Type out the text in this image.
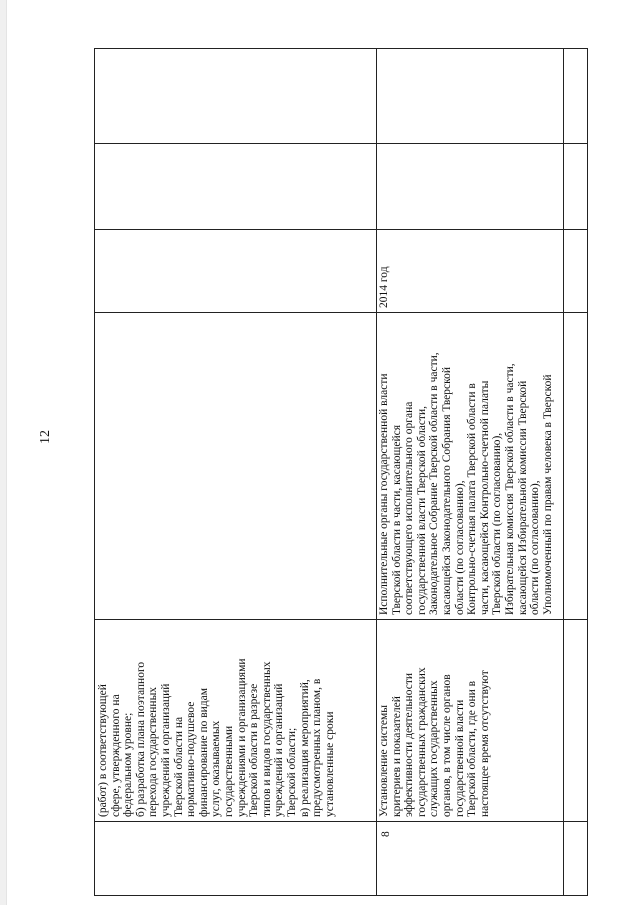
12

(работ) в соответствующей сфере, утвержденного на федеральном уровне; б) разработка плана поэтапного перехода государственных учреждений и организаций Тверской области на нормативно-подушевое финансирование по видам услуг, оказываемых государственными учреждениями и организациями Тверской области в разрезе типов и видов государственных учреждений и организаций Тверской области; в) реализация мероприятий, предусмотренных планом, в установленные сроки

8

Установление системы критериев и показателей эффективности деятельности государственных гражданских служащих государственных органов, в том числе органов государственной власти Тверской области, где они в настоящее время отсутствуют

Исполнительные органы государственной власти Тверской области в части, касающейся соответствующего исполнительного органа государственной власти Тверской области, Законодательное Собрание Тверской области в части, касающейся Законодательного Собрания Тверской области (по согласованию), Контрольно-счетная палата Тверской области в части, касающейся Контрольно-счетной палаты Тверской области (по согласованию), Избирательная комиссия Тверской области в части, касающейся Избирательной комиссии Тверской области (по согласованию), Уполномоченный по правам человека в Тверской

2014 год
